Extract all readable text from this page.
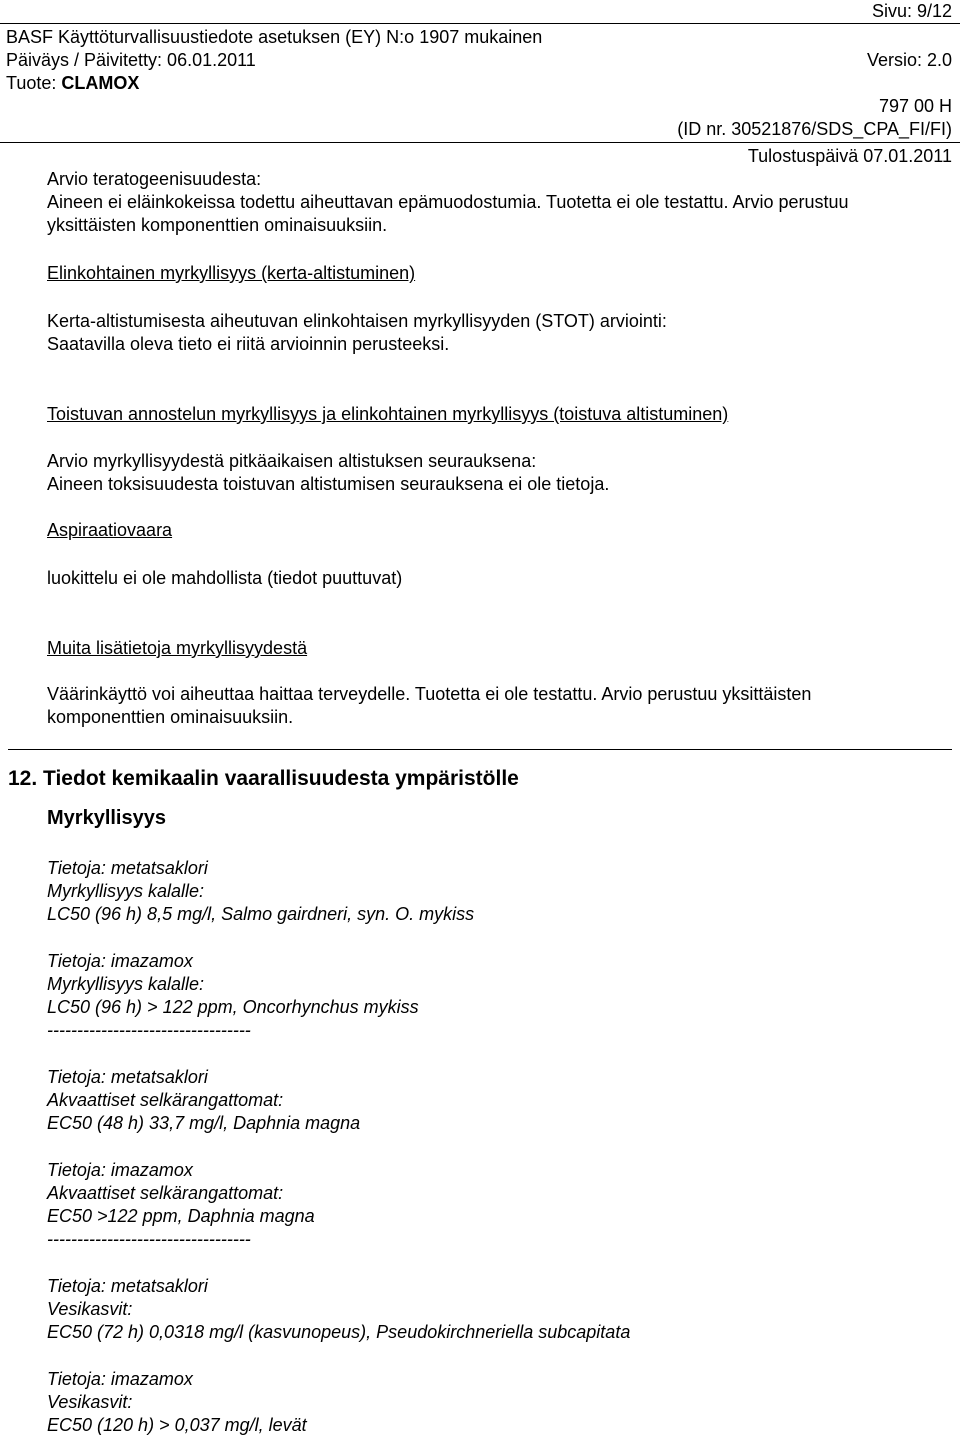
Sivu: 9/12
BASF Käyttöturvallisuustiedote asetuksen (EY) N:o 1907 mukainen
Päiväys / Päivitetty: 06.01.2011	Versio: 2.0
Tuote: CLAMOX
797 00 H
(ID nr. 30521876/SDS_CPA_FI/FI)
Tulostuspäivä 07.01.2011
Arvio teratogeenisuudesta:
Aineen ei eläinkokeissa todettu aiheuttavan epämuodostumia. Tuotetta ei ole testattu. Arvio perustuu
yksittäisten komponenttien ominaisuuksiin.
Elinkohtainen myrkyllisyys (kerta-altistuminen)
Kerta-altistumisesta aiheutuvan elinkohtaisen myrkyllisyyden (STOT) arviointi:
Saatavilla oleva tieto ei riitä arvioinnin perusteeksi.
Toistuvan annostelun myrkyllisyys ja elinkohtainen myrkyllisyys (toistuva altistuminen)
Arvio myrkyllisyydestä pitkäaikaisen altistuksen seurauksena:
Aineen toksisuudesta toistuvan altistumisen seurauksena ei ole tietoja.
Aspiraatiovaara
luokittelu ei ole mahdollista (tiedot puuttuvat)
Muita lisätietoja myrkyllisyydestä
Väärinkäyttö voi aiheuttaa haittaa terveydelle. Tuotetta ei ole testattu. Arvio perustuu yksittäisten
komponenttien ominaisuuksiin.
12. Tiedot kemikaalin vaarallisuudesta ympäristölle
Myrkyllisyys
Tietoja: metatsaklori
Myrkyllisyys kalalle:
LC50 (96 h) 8,5 mg/l, Salmo gairdneri, syn. O. mykiss
Tietoja: imazamox
Myrkyllisyys kalalle:
LC50 (96 h) > 122 ppm, Oncorhynchus mykiss
----------------------------------
Tietoja: metatsaklori
Akvaattiset selkärangattomat:
EC50 (48 h) 33,7 mg/l, Daphnia magna
Tietoja: imazamox
Akvaattiset selkärangattomat:
EC50 >122 ppm, Daphnia magna
----------------------------------
Tietoja: metatsaklori
Vesikasvit:
EC50 (72 h) 0,0318 mg/l (kasvunopeus), Pseudokirchneriella subcapitata
Tietoja: imazamox
Vesikasvit:
EC50 (120 h) > 0,037 mg/l, levät
